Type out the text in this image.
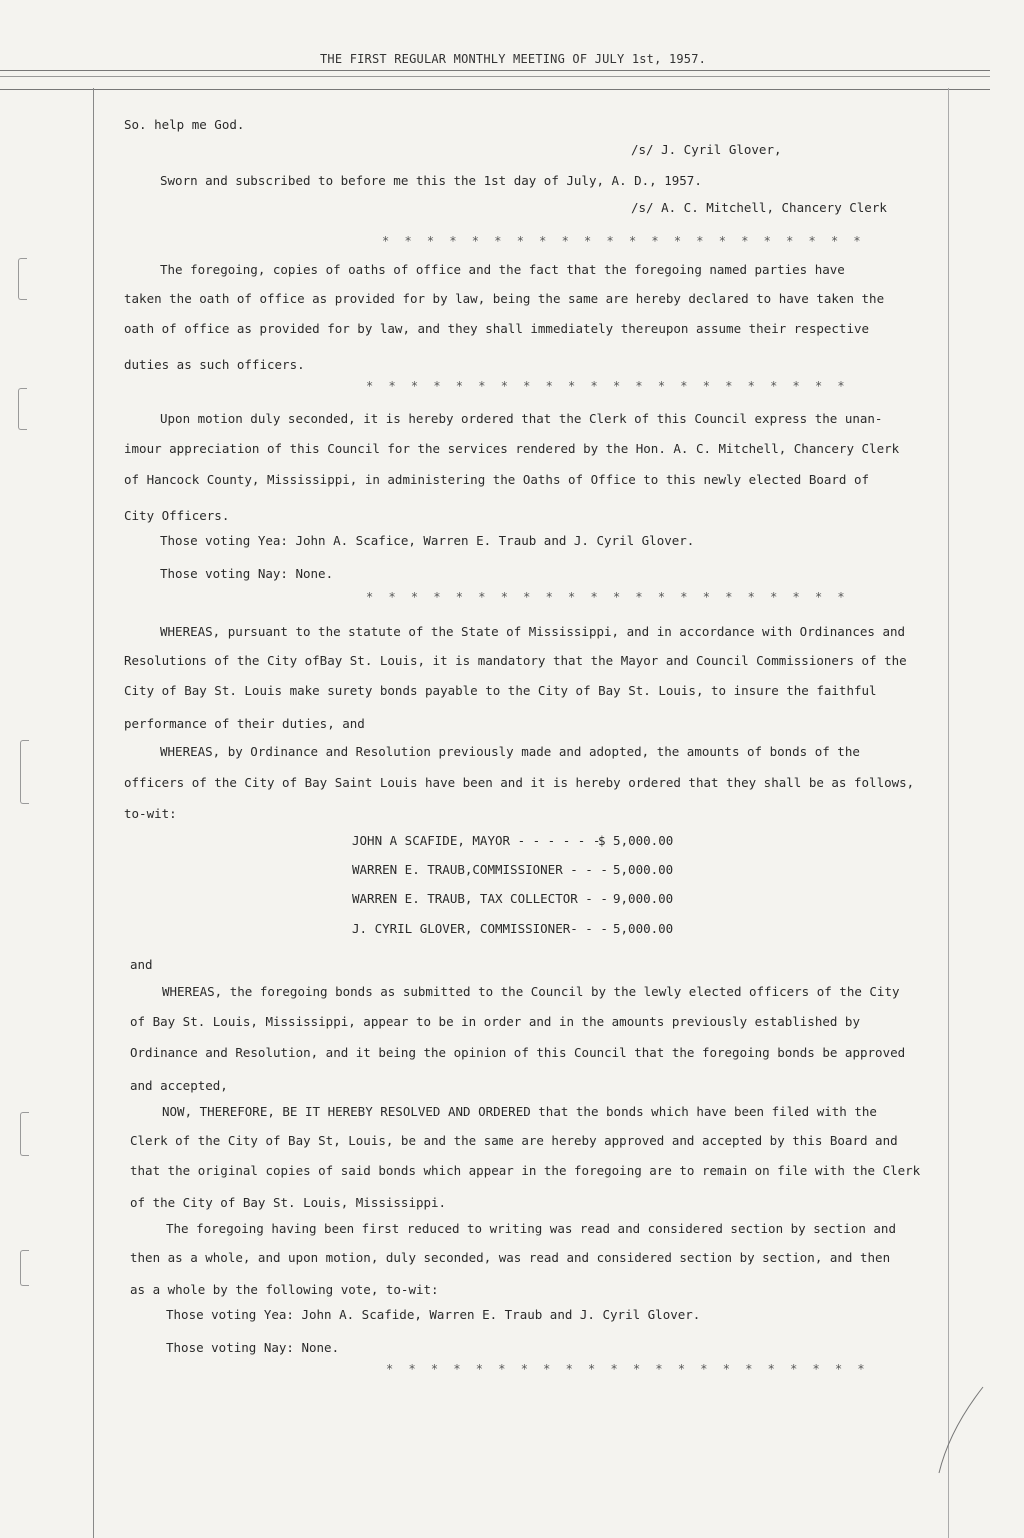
THE FIRST REGULAR MONTHLY MEETING OF JULY 1st, 1957.
So. help me God.
/s/ J. Cyril Glover,
Sworn and subscribed to before me this the 1st day of July, A. D., 1957.
/s/ A. C. Mitchell, Chancery Clerk
* * * * * * * * * * * * * * * * * * * * * *
The foregoing, copies of oaths of office and the fact that the foregoing named parties have
taken the oath of office as provided for by law, being the same are hereby declared to have taken the
oath of office as provided for by law, and they shall immediately thereupon assume their respective
duties as such officers.
* * * * * * * * * * * * * * * * * * * * * *
Upon motion duly seconded, it is hereby ordered that the Clerk of this Council express the unan-
imour appreciation of this Council for the services rendered by the Hon. A. C. Mitchell, Chancery Clerk
of Hancock County, Mississippi, in administering the Oaths of Office to this newly elected Board of
City Officers.
Those voting Yea: John A. Scafice, Warren E. Traub and J. Cyril Glover.
Those voting Nay: None.
* * * * * * * * * * * * * * * * * * * * * *
WHEREAS, pursuant to the statute of the State of Mississippi, and in accordance with Ordinances and
Resolutions of the City ofBay St. Louis, it is mandatory that the Mayor and Council Commissioners of the
City of Bay St. Louis make surety bonds payable to the City of Bay St. Louis, to insure the faithful
performance of their duties, and
WHEREAS, by Ordinance and Resolution previously made and adopted, the amounts of bonds of the
officers of the City of Bay Saint Louis have been and it is hereby ordered that they shall be as follows,
to-wit:
JOHN A SCAFIDE, MAYOR - - - - - -
$ 5,000.00
WARREN E. TRAUB,COMMISSIONER - - - 5,000.00
WARREN E. TRAUB, TAX COLLECTOR - - 9,000.00
J. CYRIL GLOVER, COMMISSIONER- - - 5,000.00
and
WHEREAS, the foregoing bonds as submitted to the Council by the lewly elected officers of the City
of Bay St. Louis, Mississippi, appear to be in order and in the amounts previously established by
Ordinance and Resolution, and it being the opinion of this Council that the foregoing bonds be approved
and accepted,
NOW, THEREFORE, BE IT HEREBY RESOLVED AND ORDERED that the bonds which have been filed with the
Clerk of the City of Bay St, Louis, be and the same are hereby approved and accepted by this Board and
that the original copies of said bonds which appear in the foregoing are to remain on file with the Clerk
of the City of Bay St. Louis, Mississippi.
The foregoing having been first reduced to writing was read and considered section by section and
then as a whole, and upon motion, duly seconded, was read and considered section by section, and then
as a whole by the following vote, to-wit:
Those voting Yea: John A. Scafide, Warren E. Traub and J. Cyril Glover.
Those voting Nay: None.
* * * * * * * * * * * * * * * * * * * * * *
